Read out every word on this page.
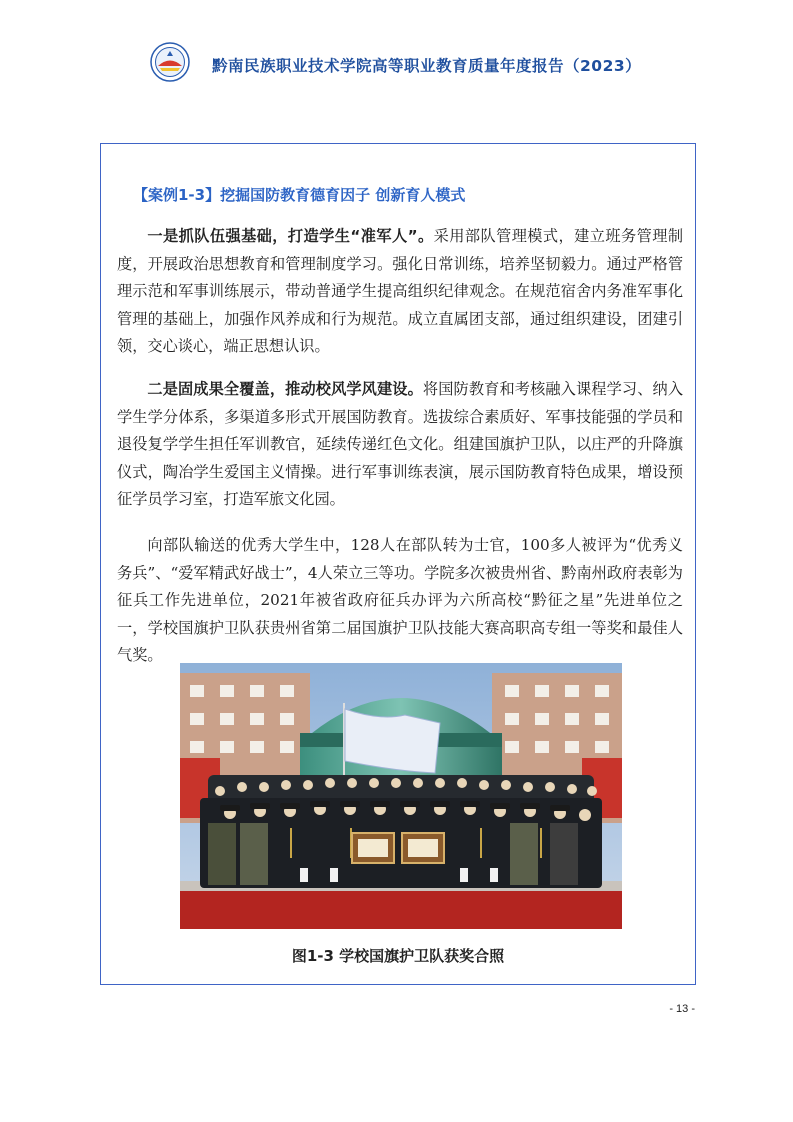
黔南民族职业技术学院高等职业教育质量年度报告（2023）
【案例1-3】挖掘国防教育德育因子 创新育人模式

一是抓队伍强基础，打造学生“准军人”。采用部队管理模式，建立班务管理制度，开展政治思想教育和管理制度学习。强化日常训练，培养坚韧毅力。通过严格管理示范和军事训练展示，带动普通学生提高组织纪律观念。在规范宿舍内务准军事化管理的基础上，加强作风养成和行为规范。成立直属团支部，通过组织建设，团建引领，交心谈心，端正思想认识。

二是固成果全覆盖，推动校风学风建设。将国防教育和考核融入课程学习、纳入学生学分体系，多渠道多形式开展国防教育。选拔综合素质好、军事技能强的学员和退役复学学生担任军训教官，延续传递红色文化。组建国旗护卫队，以庄严的升降旗仪式，陶冶学生爱国主义情操。进行军事训练表演，展示国防教育特色成果，增设预征学员学习室，打造军旅文化园。

向部队输送的优秀大学生中，128人在部队转为士官，100多人被评为“优秀义务兵”、“爱军精武好战士”，4人荣立三等功。学院多次被贵州省、黔南州政府表彰为征兵工作先进单位，2021年被省政府征兵办评为六所高校“黔征之星”先进单位之一，学校国旗护卫队获贵州省第二届国旗护卫队技能大赛高职高专组一等奖和最佳人气奖。

图1-3 学校国旗护卫队获奖合照
- 13 -
